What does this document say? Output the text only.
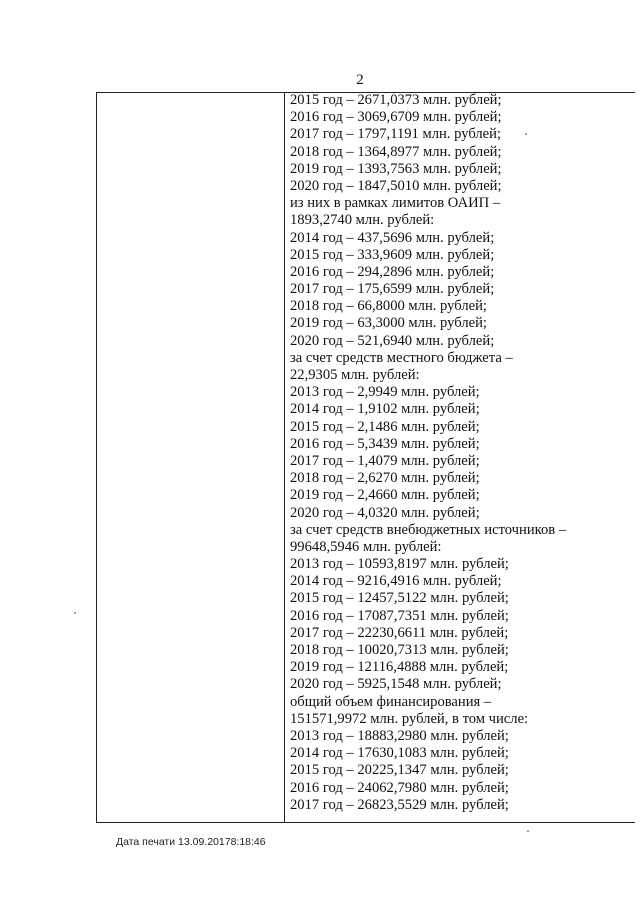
2
2015 год – 2671,0373 млн. рублей;
2016 год – 3069,6709 млн. рублей;
2017 год – 1797,1191 млн. рублей;
2018 год – 1364,8977 млн. рублей;
2019 год – 1393,7563 млн. рублей;
2020 год – 1847,5010 млн. рублей;
из них в рамках лимитов ОАИП –
1893,2740 млн. рублей:
2014 год – 437,5696 млн. рублей;
2015 год – 333,9609 млн. рублей;
2016 год – 294,2896 млн. рублей;
2017 год – 175,6599 млн. рублей;
2018 год – 66,8000 млн. рублей;
2019 год – 63,3000 млн. рублей;
2020 год – 521,6940 млн. рублей;
за счет средств местного бюджета –
22,9305 млн. рублей:
2013 год – 2,9949 млн. рублей;
2014 год – 1,9102 млн. рублей;
2015 год – 2,1486 млн. рублей;
2016 год – 5,3439 млн. рублей;
2017 год – 1,4079 млн. рублей;
2018 год – 2,6270 млн. рублей;
2019 год – 2,4660 млн. рублей;
2020 год – 4,0320 млн. рублей;
за счет средств внебюджетных источников –
99648,5946 млн. рублей:
2013 год – 10593,8197 млн. рублей;
2014 год – 9216,4916 млн. рублей;
2015 год – 12457,5122 млн. рублей;
2016 год – 17087,7351 млн. рублей;
2017 год – 22230,6611 млн. рублей;
2018 год – 10020,7313 млн. рублей;
2019 год – 12116,4888 млн. рублей;
2020 год – 5925,1548 млн. рублей;
общий объем финансирования –
151571,9972 млн. рублей, в том числе:
2013 год – 18883,2980 млн. рублей;
2014 год – 17630,1083 млн. рублей;
2015 год – 20225,1347 млн. рублей;
2016 год – 24062,7980 млн. рублей;
2017 год – 26823,5529 млн. рублей;
Дата печати 13.09.20178:18:46
